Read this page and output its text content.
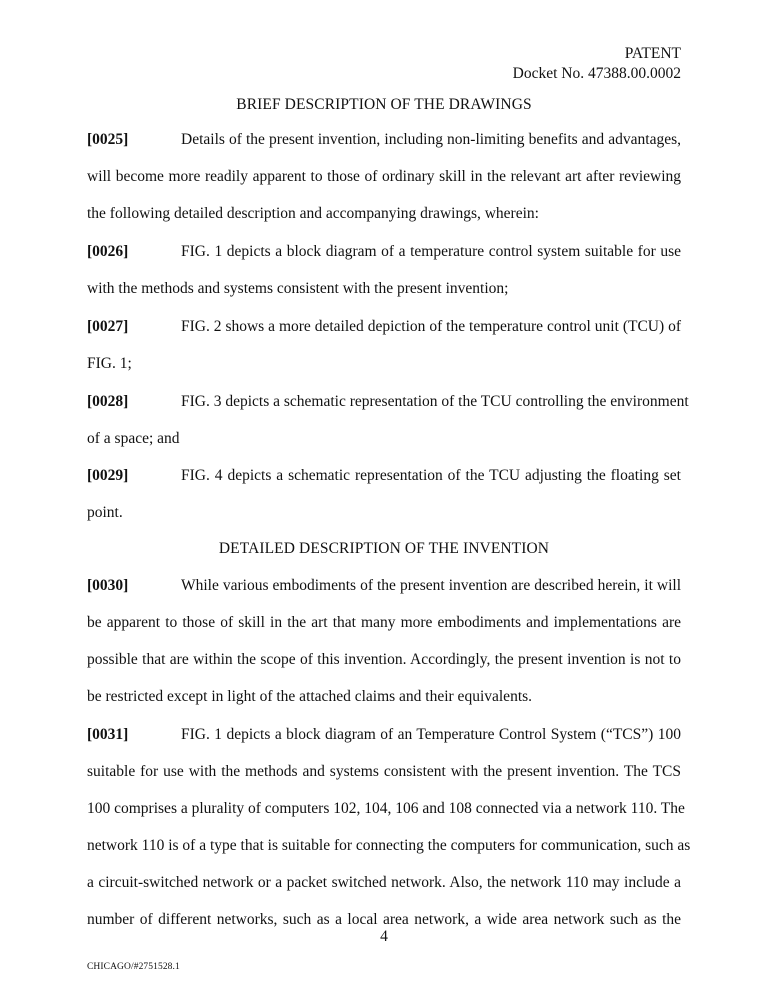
PATENT
Docket No. 47388.00.0002
BRIEF DESCRIPTION OF THE DRAWINGS
[0025]	Details of the present invention, including non-limiting benefits and advantages,
will become more readily apparent to those of ordinary skill in the relevant art after reviewing
the following detailed description and accompanying drawings, wherein:
[0026]	FIG. 1 depicts a block diagram of a temperature control system suitable for use
with the methods and systems consistent with the present invention;
[0027]	FIG. 2 shows a more detailed depiction of the temperature control unit (TCU) of
FIG. 1;
[0028]	FIG. 3 depicts a schematic representation of the TCU controlling the environment
of a space; and
[0029]	FIG. 4 depicts a schematic representation of the TCU adjusting the floating set
point.
DETAILED DESCRIPTION OF THE INVENTION
[0030]	While various embodiments of the present invention are described herein, it will
be apparent to those of skill in the art that many more embodiments and implementations are
possible that are within the scope of this invention. Accordingly, the present invention is not to
be restricted except in light of the attached claims and their equivalents.
[0031]	FIG. 1 depicts a block diagram of an Temperature Control System (“TCS”) 100
suitable for use with the methods and systems consistent with the present invention. The TCS
100 comprises a plurality of computers 102, 104, 106 and 108 connected via a network 110. The
network 110 is of a type that is suitable for connecting the computers for communication, such as
a circuit-switched network or a packet switched network. Also, the network 110 may include a
number of different networks, such as a local area network, a wide area network such as the
4
CHICAGO/#2751528.1
